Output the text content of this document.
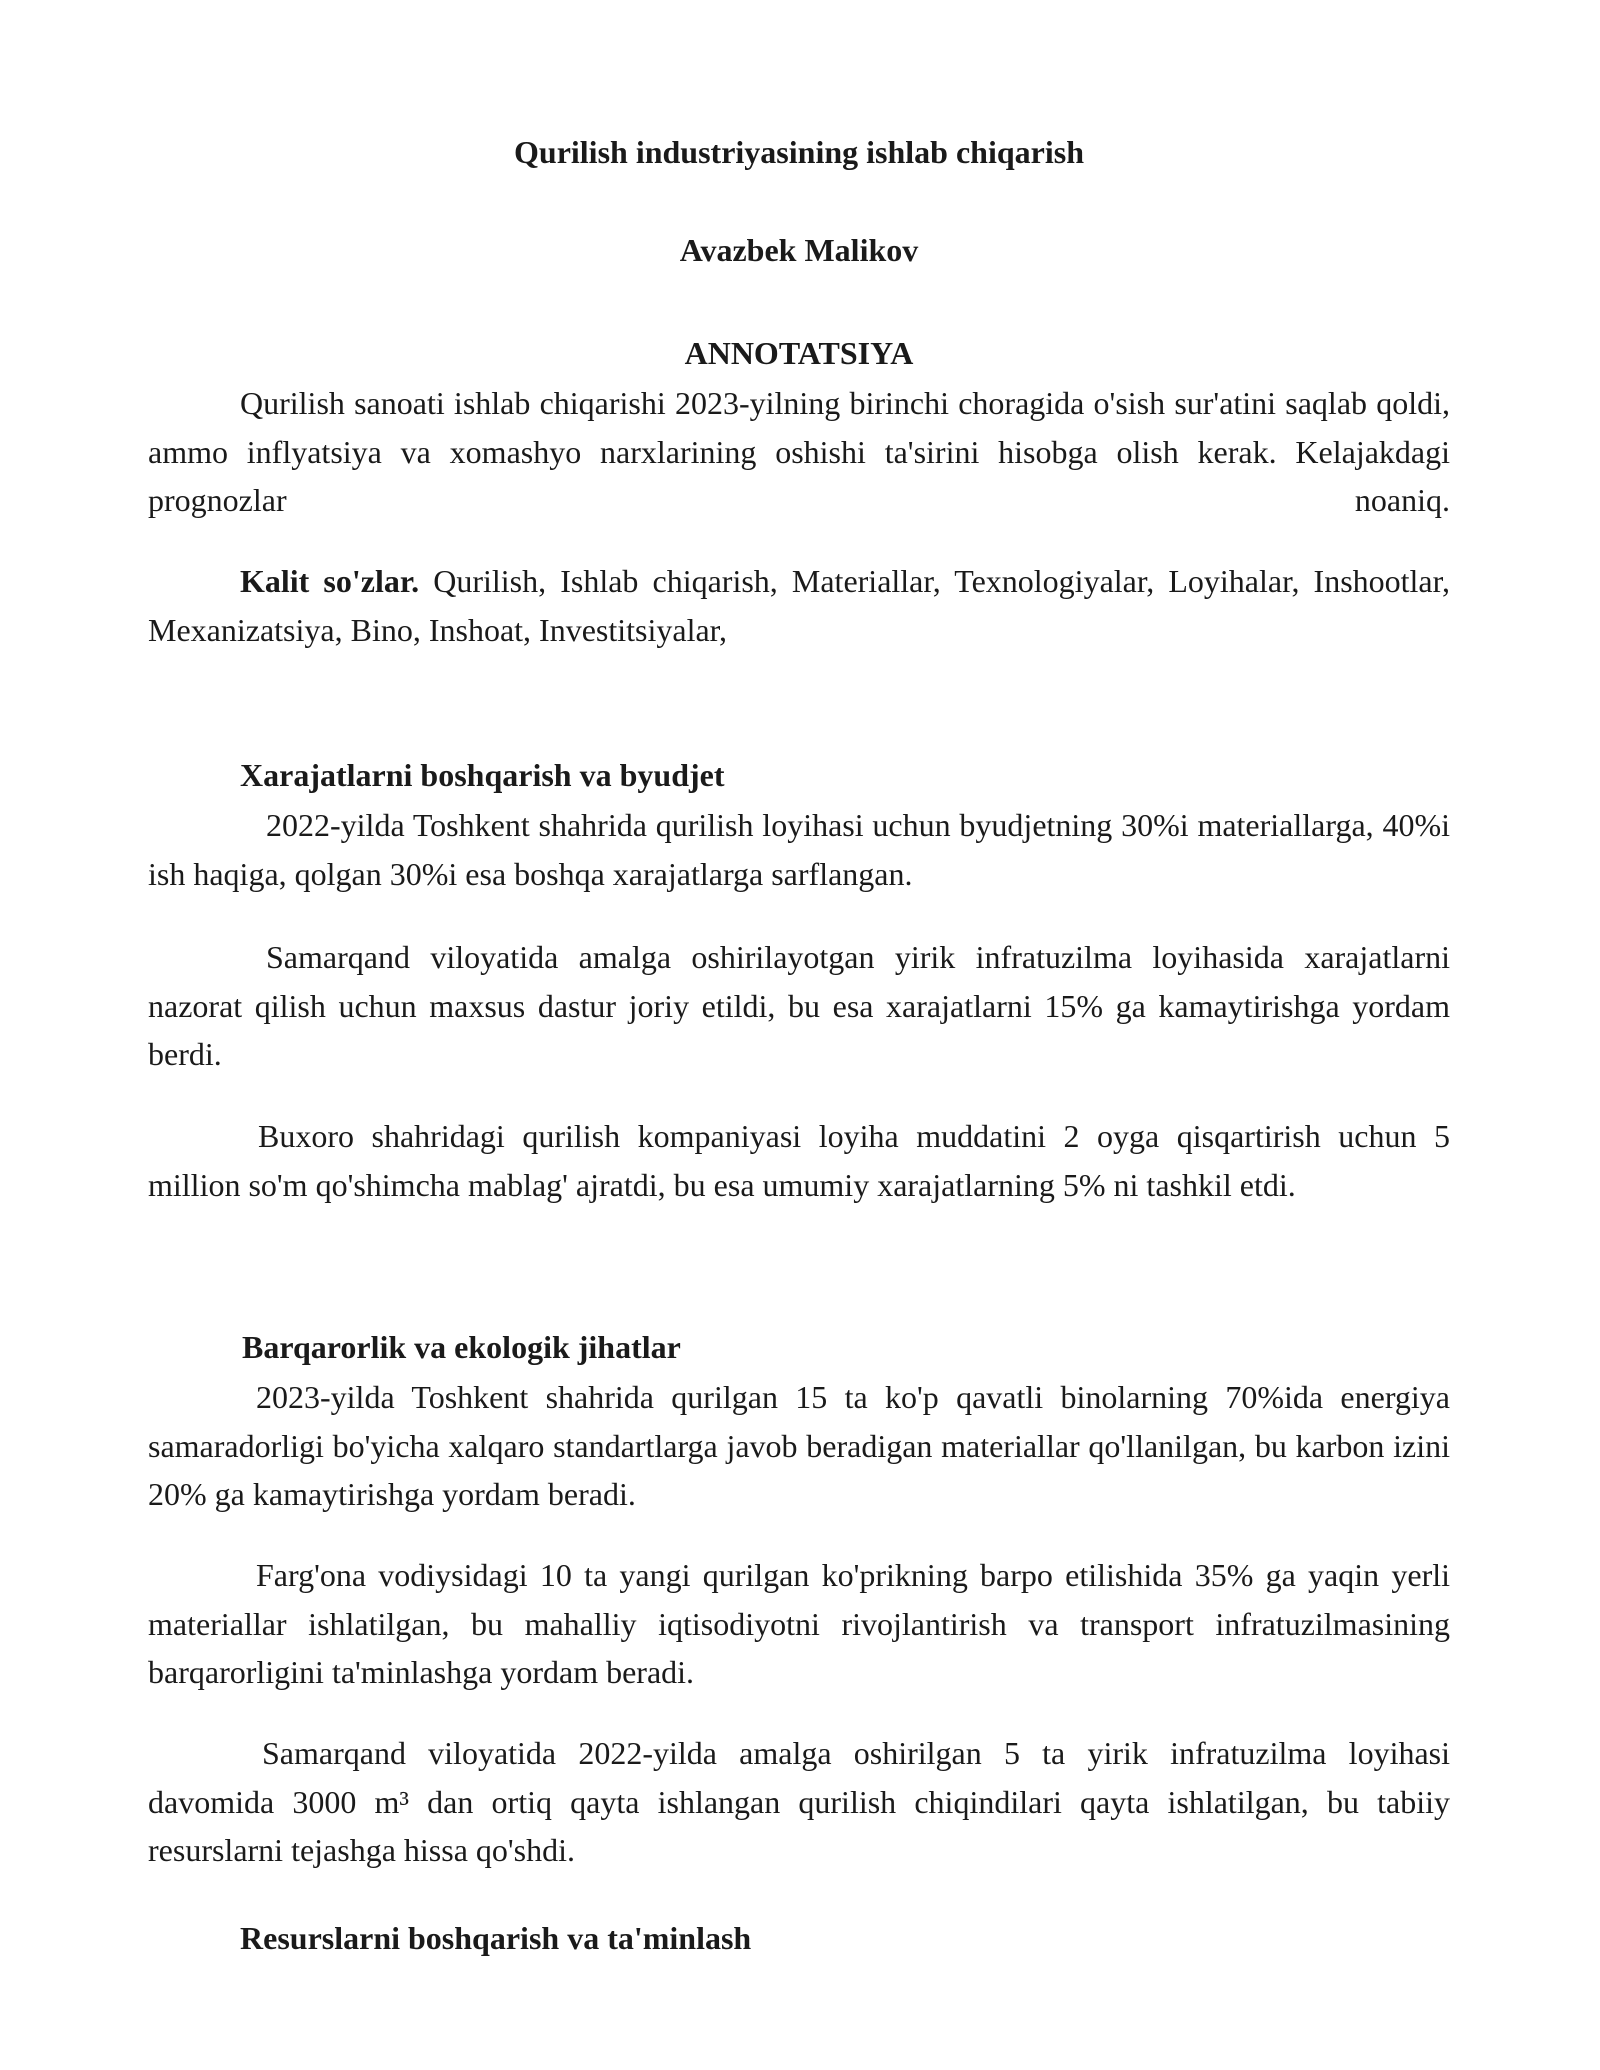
Qurilish industriyasining ishlab chiqarish

Avazbek Malikov

ANNOTATSIYA

Qurilish sanoati ishlab chiqarishi 2023-yilning birinchi choragida o'sish sur'atini saqlab qoldi, ammo inflyatsiya va xomashyo narxlarining oshishi ta'sirini hisobga olish kerak. Kelajakdagi prognozlar noaniq.

Kalit so'zlar. Qurilish, Ishlab chiqarish, Materiallar, Texnologiyalar, Loyihalar, Inshootlar, Mexanizatsiya, Bino, Inshoat, Investitsiyalar,

Xarajatlarni boshqarish va byudjet

2022-yilda Toshkent shahrida qurilish loyihasi uchun byudjetning 30%i materiallarga, 40%i ish haqiga, qolgan 30%i esa boshqa xarajatlarga sarflangan.

Samarqand viloyatida amalga oshirilayotgan yirik infratuzilma loyihasida xarajatlarni nazorat qilish uchun maxsus dastur joriy etildi, bu esa xarajatlarni 15% ga kamaytirishga yordam berdi.

Buxoro shahridagi qurilish kompaniyasi loyiha muddatini 2 oyga qisqartirish uchun 5 million so'm qo'shimcha mablag' ajratdi, bu esa umumiy xarajatlarning 5% ni tashkil etdi.

Barqarorlik va ekologik jihatlar

2023-yilda Toshkent shahrida qurilgan 15 ta ko'p qavatli binolarning 70%ida energiya samaradorligi bo'yicha xalqaro standartlarga javob beradigan materiallar qo'llanilgan, bu karbon izini 20% ga kamaytirishga yordam beradi.

Farg'ona vodiysidagi 10 ta yangi qurilgan ko'prikning barpo etilishida 35% ga yaqin yerli materiallar ishlatilgan, bu mahalliy iqtisodiyotni rivojlantirish va transport infratuzilmasining barqarorligini ta'minlashga yordam beradi.

Samarqand viloyatida 2022-yilda amalga oshirilgan 5 ta yirik infratuzilma loyihasi davomida 3000 m³ dan ortiq qayta ishlangan qurilish chiqindilari qayta ishlatilgan, bu tabiiy resurslarni tejashga hissa qo'shdi.

Resurslarni boshqarish va ta'minlash
